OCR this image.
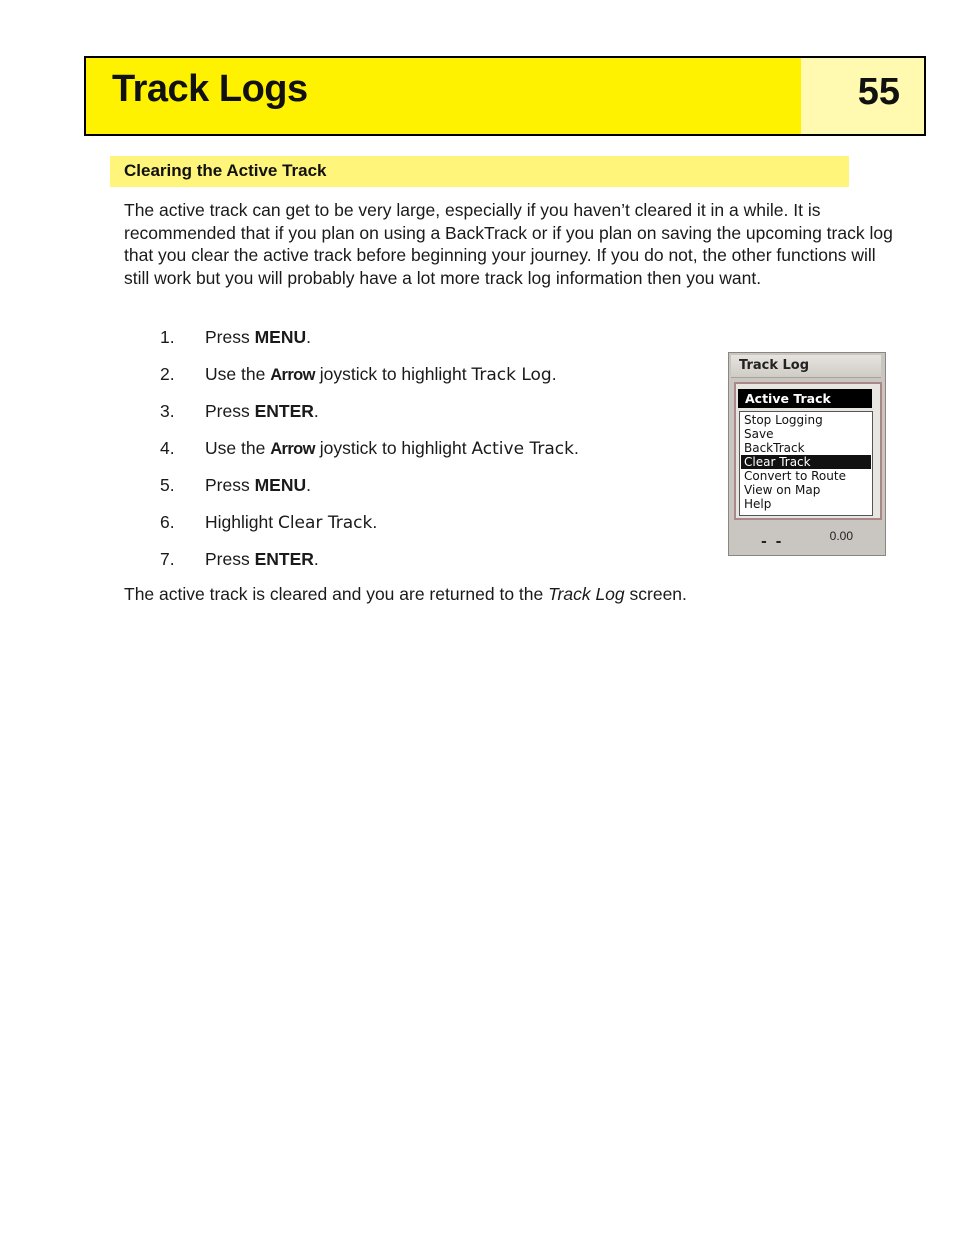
Track Logs	55
Clearing the Active Track

The active track can get to be very large, especially if you haven’t cleared it in a while. It is recommended that if you plan on using a BackTrack or if you plan on saving the upcoming track log that you clear the active track before beginning your journey. If you do not, the other functions will still work but you will probably have a lot more track log information then you want.

1. Press MENU.
2. Use the Arrow joystick to highlight Track Log.
3. Press ENTER.
4. Use the Arrow joystick to highlight Active Track.
5. Press MENU.
6. Highlight Clear Track.
7. Press ENTER.
Track Log
Active Track
Stop Logging
Save
BackTrack
Clear Track
Convert to Route
View on Map
Help
- -	0.00

The active track is cleared and you are returned to the Track Log screen.
